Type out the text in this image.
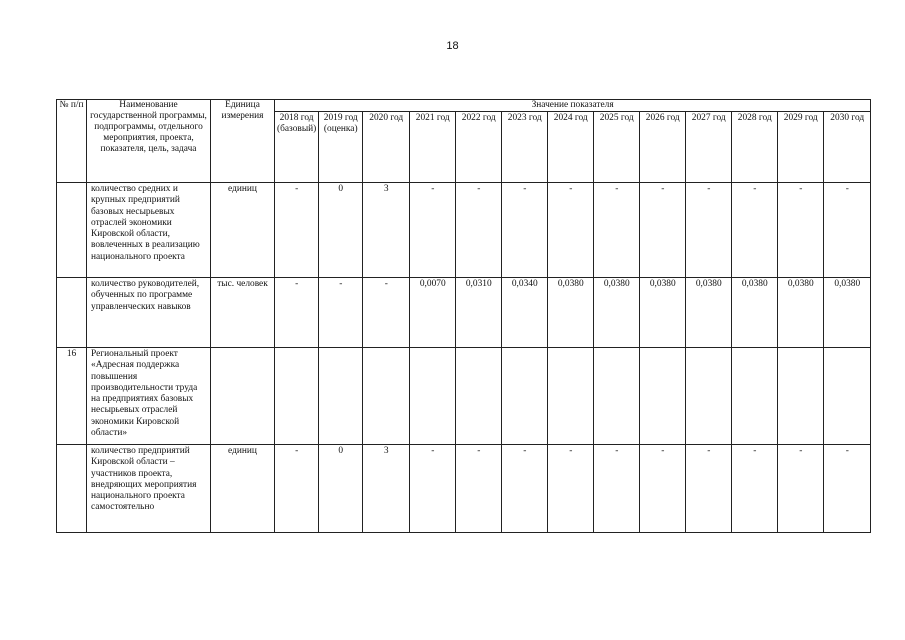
18
№ п/п	Наименование государственной программы, подпрограммы, отдельного мероприятия, проекта, показателя, цель, задача	Единица измерения	Значение показателя												
			2018 год (базовый)	2019 год (оценка)	2020 год	2021 год	2022 год	2023 год	2024 год	2025 год	2026 год	2027 год	2028 год	2029 год	2030 год
	количество средних и крупных предприятий базовых несырьевых отраслей экономики Кировской области, вовлеченных в реализацию национального проекта	единиц	-	0	3	-	-	-	-	-	-	-	-	-	-
	количество руководителей, обученных по программе управленческих навыков	тыс. человек	-	-	-	0,0070	0,0310	0,0340	0,0380	0,0380	0,0380	0,0380	0,0380	0,0380	0,0380
16	Региональный проект «Адресная поддержка повышения производительности труда на предприятиях базовых несырьевых отраслей экономики Кировской области»														
	количество предприятий Кировской области – участников проекта, внедряющих мероприятия национального проекта самостоятельно	единиц	-	0	3	-	-	-	-	-	-	-	-	-	-
